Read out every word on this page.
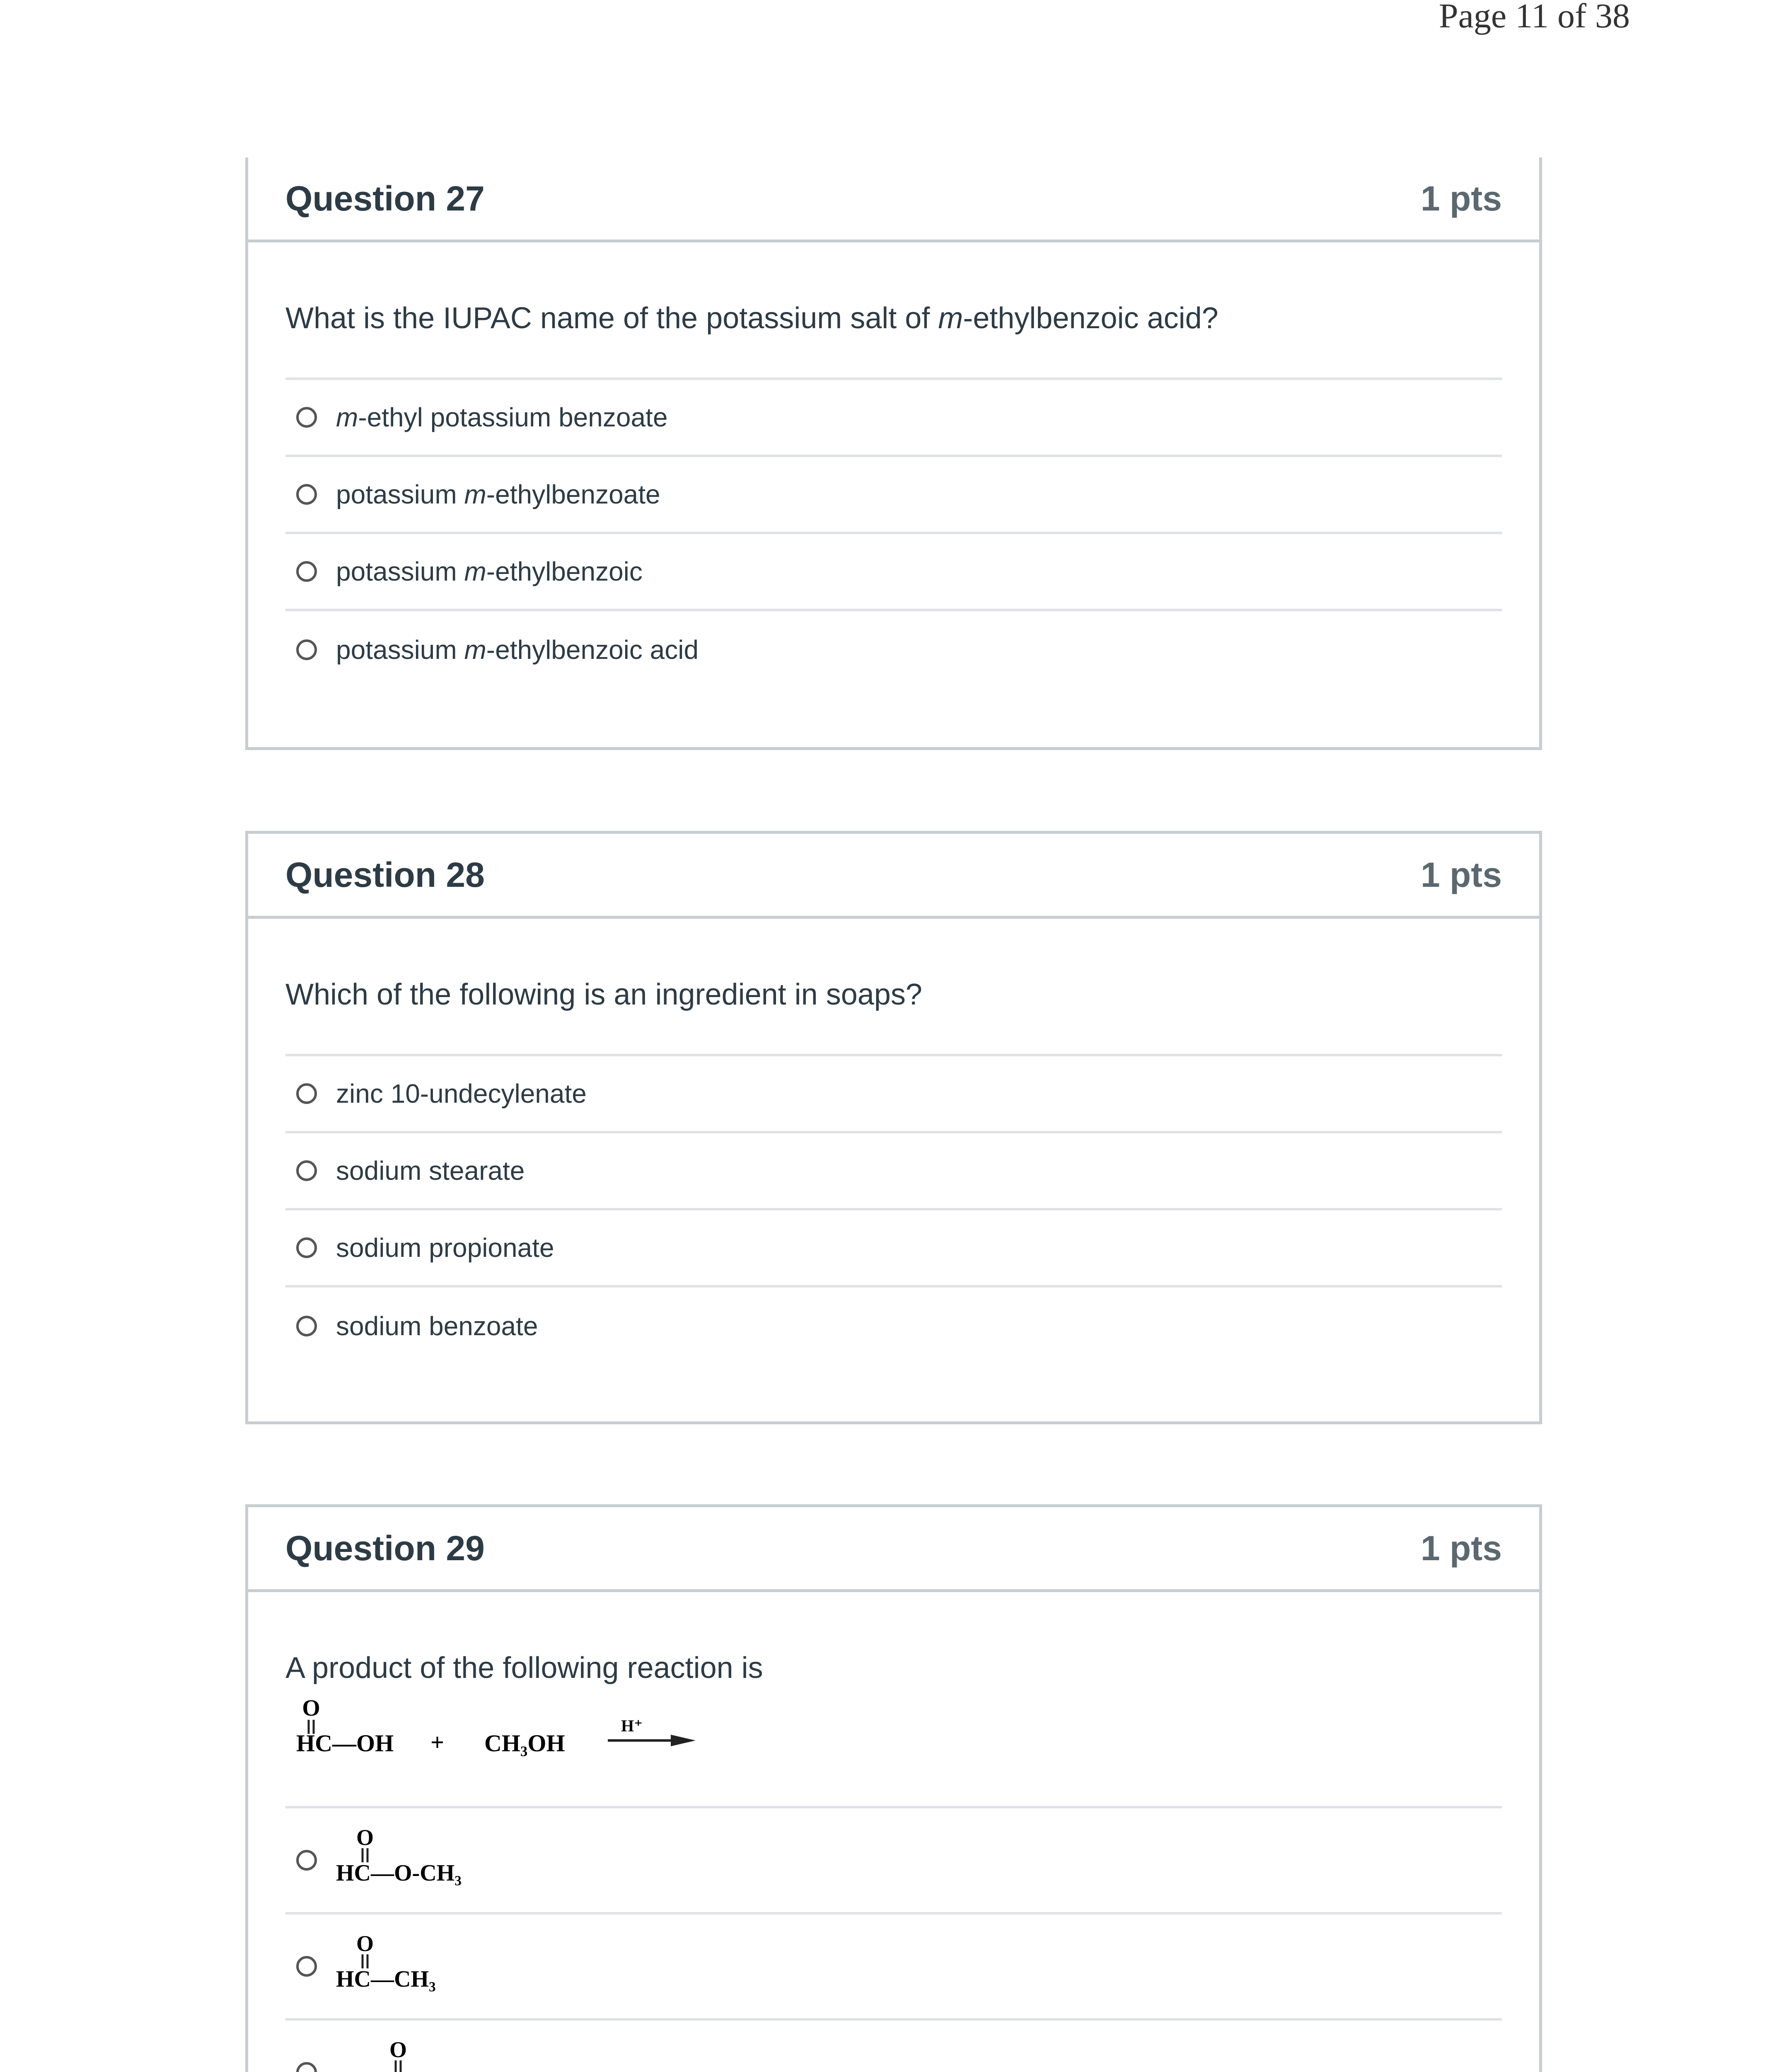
Page 11 of 38
Question 27	1 pts
What is the IUPAC name of the potassium salt of m-ethylbenzoic acid?
m-ethyl potassium benzoate
potassium m-ethylbenzoate
potassium m-ethylbenzoic
potassium m-ethylbenzoic acid
Question 28	1 pts
Which of the following is an ingredient in soaps?
zinc 10-undecylenate
sodium stearate
sodium propionate
sodium benzoate
Question 29	1 pts
A product of the following reaction is
O
HC—OH + CH₃OH
H⁺
O
HC—O-CH₃
O
HC—CH₃
O
